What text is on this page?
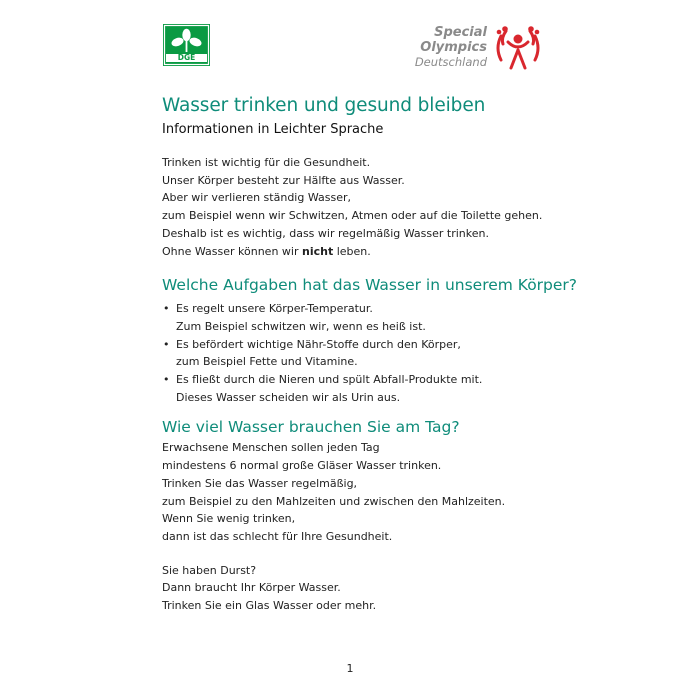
DGE
Special
Olympics
Deutschland
Wasser trinken und gesund bleiben
Informationen in Leichter Sprache

Trinken ist wichtig für die Gesundheit.

Unser Körper besteht zur Hälfte aus Wasser.

Aber wir verlieren ständig Wasser,

zum Beispiel wenn wir Schwitzen, Atmen oder auf die Toilette gehen.

Deshalb ist es wichtig, dass wir regelmäßig Wasser trinken.

Ohne Wasser können wir nicht leben.

Welche Aufgaben hat das Wasser in unserem Körper?
• Es regelt unsere Körper-Temperatur.
Zum Beispiel schwitzen wir, wenn es heiß ist.
• Es befördert wichtige Nähr-Stoffe durch den Körper,
zum Beispiel Fette und Vitamine.
• Es fließt durch die Nieren und spült Abfall-Produkte mit.
Dieses Wasser scheiden wir als Urin aus.
Wie viel Wasser brauchen Sie am Tag?

Erwachsene Menschen sollen jeden Tag

mindestens 6 normal große Gläser Wasser trinken.

Trinken Sie das Wasser regelmäßig,

zum Beispiel zu den Mahlzeiten und zwischen den Mahlzeiten.

Wenn Sie wenig trinken,

dann ist das schlecht für Ihre Gesundheit.

Sie haben Durst?

Dann braucht Ihr Körper Wasser.

Trinken Sie ein Glas Wasser oder mehr.

1
